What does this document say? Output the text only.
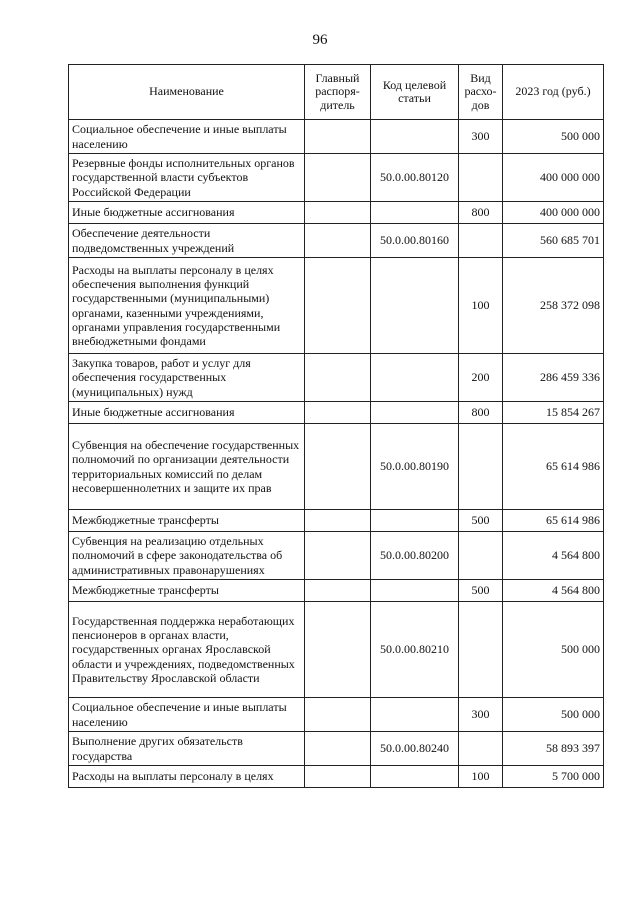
96
Наименование	Главный распоря-дитель	Код целевой статьи	Вид расхо-дов	2023 год (руб.)
Социальное обеспечение и иные выплаты населению			300	500 000
Резервные фонды исполнительных органов государственной власти субъектов Российской Федерации		50.0.00.80120		400 000 000
Иные бюджетные ассигнования			800	400 000 000
Обеспечение деятельности подведомственных учреждений		50.0.00.80160		560 685 701
Расходы на выплаты персоналу в целях обеспечения выполнения функций государственными (муниципальными) органами, казенными учреждениями, органами управления государственными внебюджетными фондами			100	258 372 098
Закупка товаров, работ и услуг для обеспечения государственных (муниципальных) нужд			200	286 459 336
Иные бюджетные ассигнования			800	15 854 267
Субвенция на обеспечение государственных полномочий по организации деятельности территориальных комиссий по делам несовершеннолетних и защите их прав		50.0.00.80190		65 614 986
Межбюджетные трансферты			500	65 614 986
Субвенция на реализацию отдельных полномочий в сфере законодательства об административных правонарушениях		50.0.00.80200		4 564 800
Межбюджетные трансферты			500	4 564 800
Государственная поддержка неработающих пенсионеров в органах власти, государственных органах Ярославской области и учреждениях, подведомственных Правительству Ярославской области		50.0.00.80210		500 000
Социальное обеспечение и иные выплаты населению			300	500 000
Выполнение других обязательств государства		50.0.00.80240		58 893 397
Расходы на выплаты персоналу в целях			100	5 700 000
